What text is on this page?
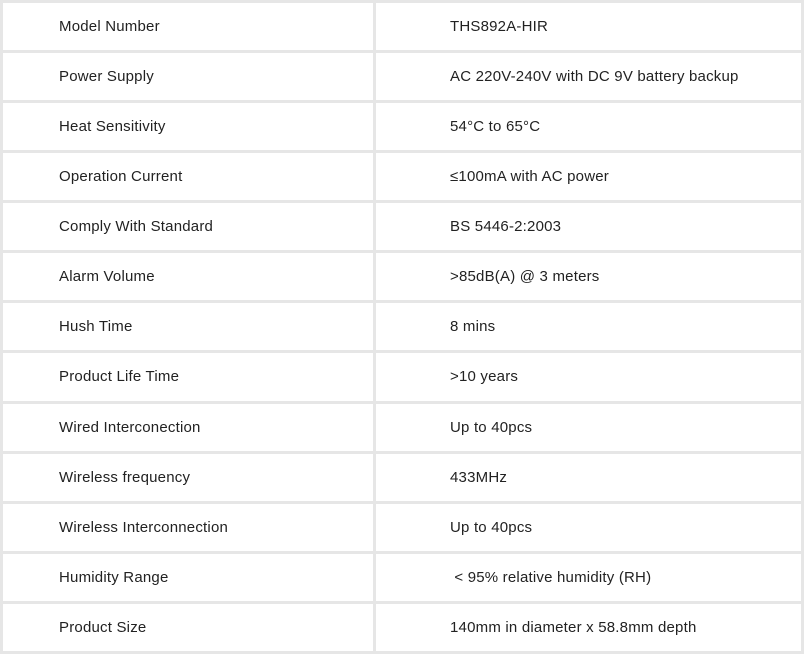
Model Number	THS892A-HIR
Power Supply	AC 220V-240V with DC 9V battery backup
Heat Sensitivity	54°C to 65°C
Operation Current	≤100mA with AC power
Comply With Standard	BS 5446-2:2003
Alarm Volume	>85dB(A) @ 3 meters
Hush Time	8 mins
Product Life Time	>10 years
Wired Interconection	Up to 40pcs
Wireless frequency	433MHz
Wireless Interconnection	Up to 40pcs
Humidity Range	< 95% relative humidity (RH)
Product Size	140mm in diameter x 58.8mm depth
